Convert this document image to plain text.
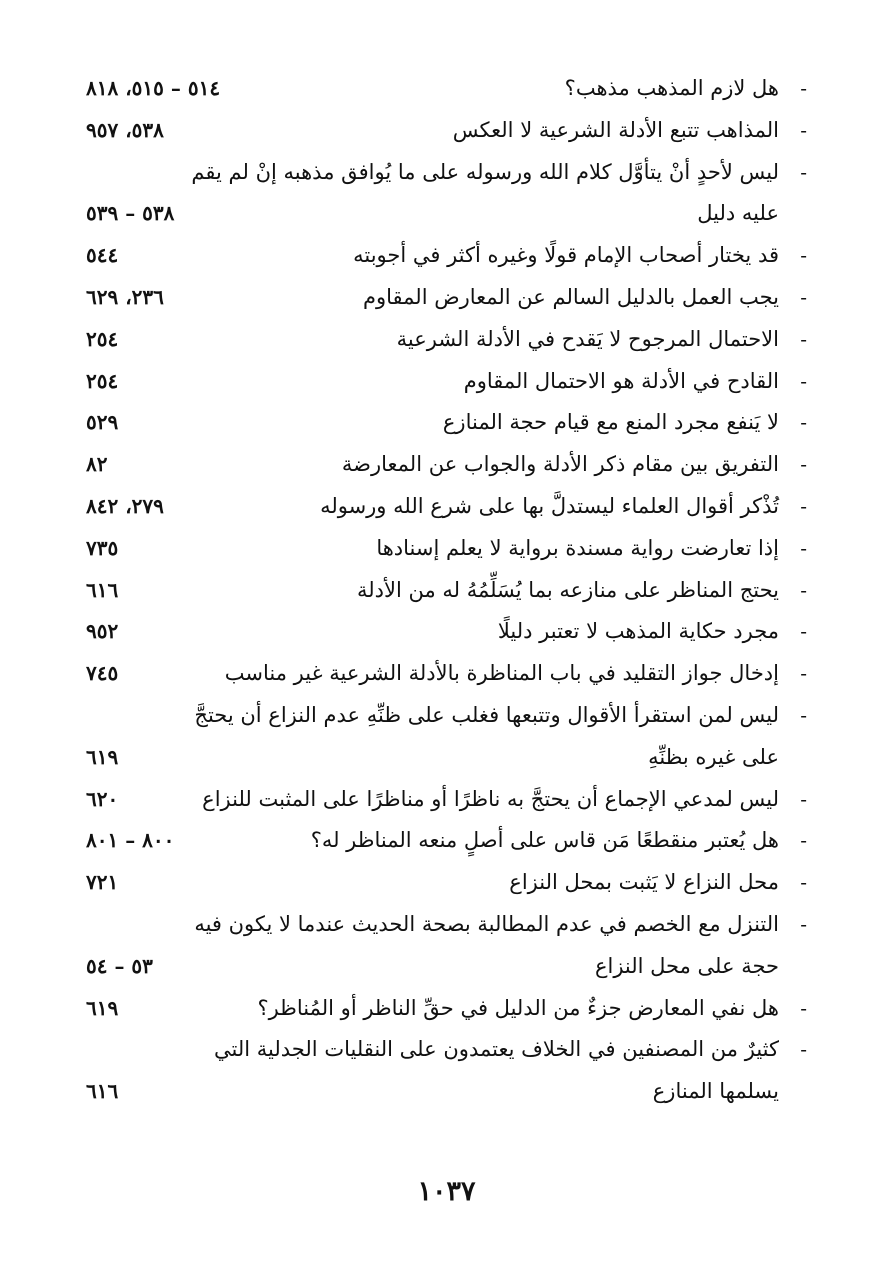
-
هل لازم المذهب مذهب؟
٥١٤ – ٥١٥، ٨١٨
-
المذاهب تتبع الأدلة الشرعية لا العكس
٥٣٨، ٩٥٧
-
ليس لأحدٍ أنْ يتأوَّل كلام الله ورسوله على ما يُوافق مذهبه إنْ لم يقم
عليه دليل
٥٣٨ – ٥٣٩
-
قد يختار أصحاب الإمام قولًا وغيره أكثر في أجوبته
٥٤٤
-
يجب العمل بالدليل السالم عن المعارض المقاوم
٢٣٦، ٦٢٩
-
الاحتمال المرجوح لا يَقدح في الأدلة الشرعية
٢٥٤
-
القادح في الأدلة هو الاحتمال المقاوم
٢٥٤
-
لا يَنفع مجرد المنع مع قيام حجة المنازع
٥٢٩
-
التفريق بين مقام ذكر الأدلة والجواب عن المعارضة
٨٢
-
تُذْكر أقوال العلماء ليستدلَّ بها على شرع الله ورسوله
٢٧٩، ٨٤٢
-
إذا تعارضت رواية مسندة برواية لا يعلم إسنادها
٧٣٥
-
يحتج المناظر على منازعه بما يُسَلِّمُهُ له من الأدلة
٦١٦
-
مجرد حكاية المذهب لا تعتبر دليلًا
٩٥٢
-
إدخال جواز التقليد في باب المناظرة بالأدلة الشرعية غير مناسب
٧٤٥
-
ليس لمن استقرأ الأقوال وتتبعها فغلب على ظنِّهِ عدم النزاع أن يحتجَّ
على غيره بظنِّهِ
٦١٩
-
ليس لمدعي الإجماع أن يحتجَّ به ناظرًا أو مناظرًا على المثبت للنزاع
٦٢٠
-
هل يُعتبر منقطعًا مَن قاس على أصلٍ منعه المناظر له؟
٨٠٠ – ٨٠١
-
محل النزاع لا يَثبت بمحل النزاع
٧٢١
-
التنزل مع الخصم في عدم المطالبة بصحة الحديث عندما لا يكون فيه
حجة على محل النزاع
٥٣ – ٥٤
-
هل نفي المعارض جزءٌ من الدليل في حقِّ الناظر أو المُناظر؟
٦١٩
-
كثيرٌ من المصنفين في الخلاف يعتمدون على النقليات الجدلية التي
يسلمها المنازع
٦١٦
١٠٣٧
